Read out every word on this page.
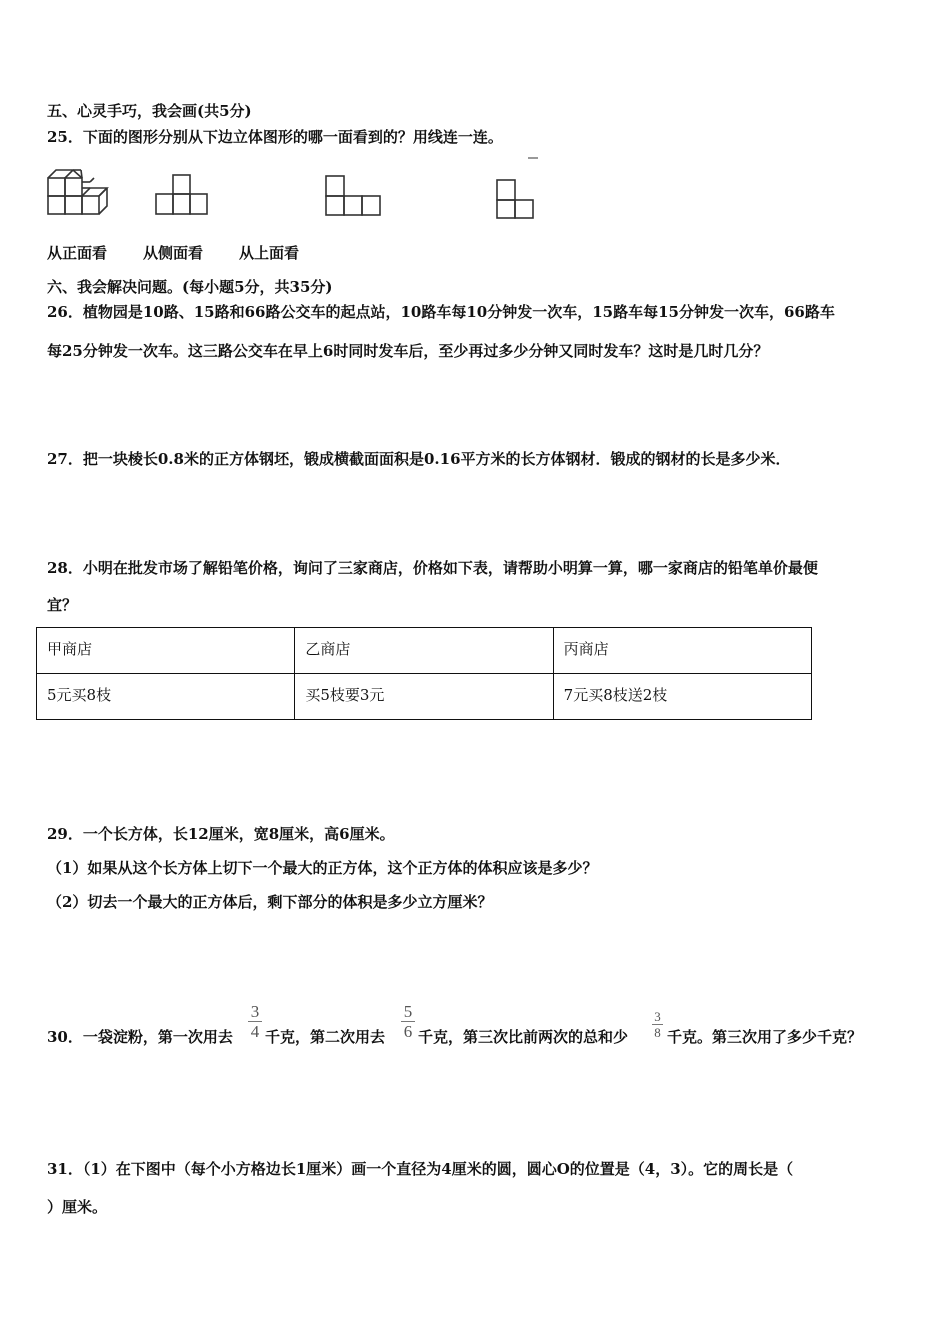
五、心灵手巧，我会画(共5分)
25．下面的图形分别从下边立体图形的哪一面看到的？用线连一连。
从正面看 从侧面看 从上面看
六、我会解决问题。(每小题5分，共35分)
26．植物园是10路、15路和66路公交车的起点站，10路车每10分钟发一次车，15路车每15分钟发一次车，66路车
每25分钟发一次车。这三路公交车在早上6时同时发车后，至少再过多少分钟又同时发车？这时是几时几分？
27．把一块棱长0.8米的正方体钢坯，锻成横截面面积是0.16平方米的长方体钢材．锻成的钢材的长是多少米．
28．小明在批发市场了解铅笔价格，询问了三家商店，价格如下表，请帮助小明算一算，哪一家商店的铅笔单价最便
宜？
甲商店	乙商店	丙商店
5元买8枝	买5枝要3元	7元买8枝送2枝
29．一个长方体，长12厘米，宽8厘米，高6厘米。
（1）如果从这个长方体上切下一个最大的正方体，这个正方体的体积应该是多少？
（2）切去一个最大的正方体后，剩下部分的体积是多少立方厘米？
30．一袋淀粉，第一次用去
3
4 千克，第二次用去
5
6 千克，第三次比前两次的总和少
3
8 千克。第三次用了多少千克？
31．（1）在下图中（每个小方格边长1厘米）画一个直径为4厘米的圆，圆心O的位置是（4，3）。它的周长是（
）厘米。
